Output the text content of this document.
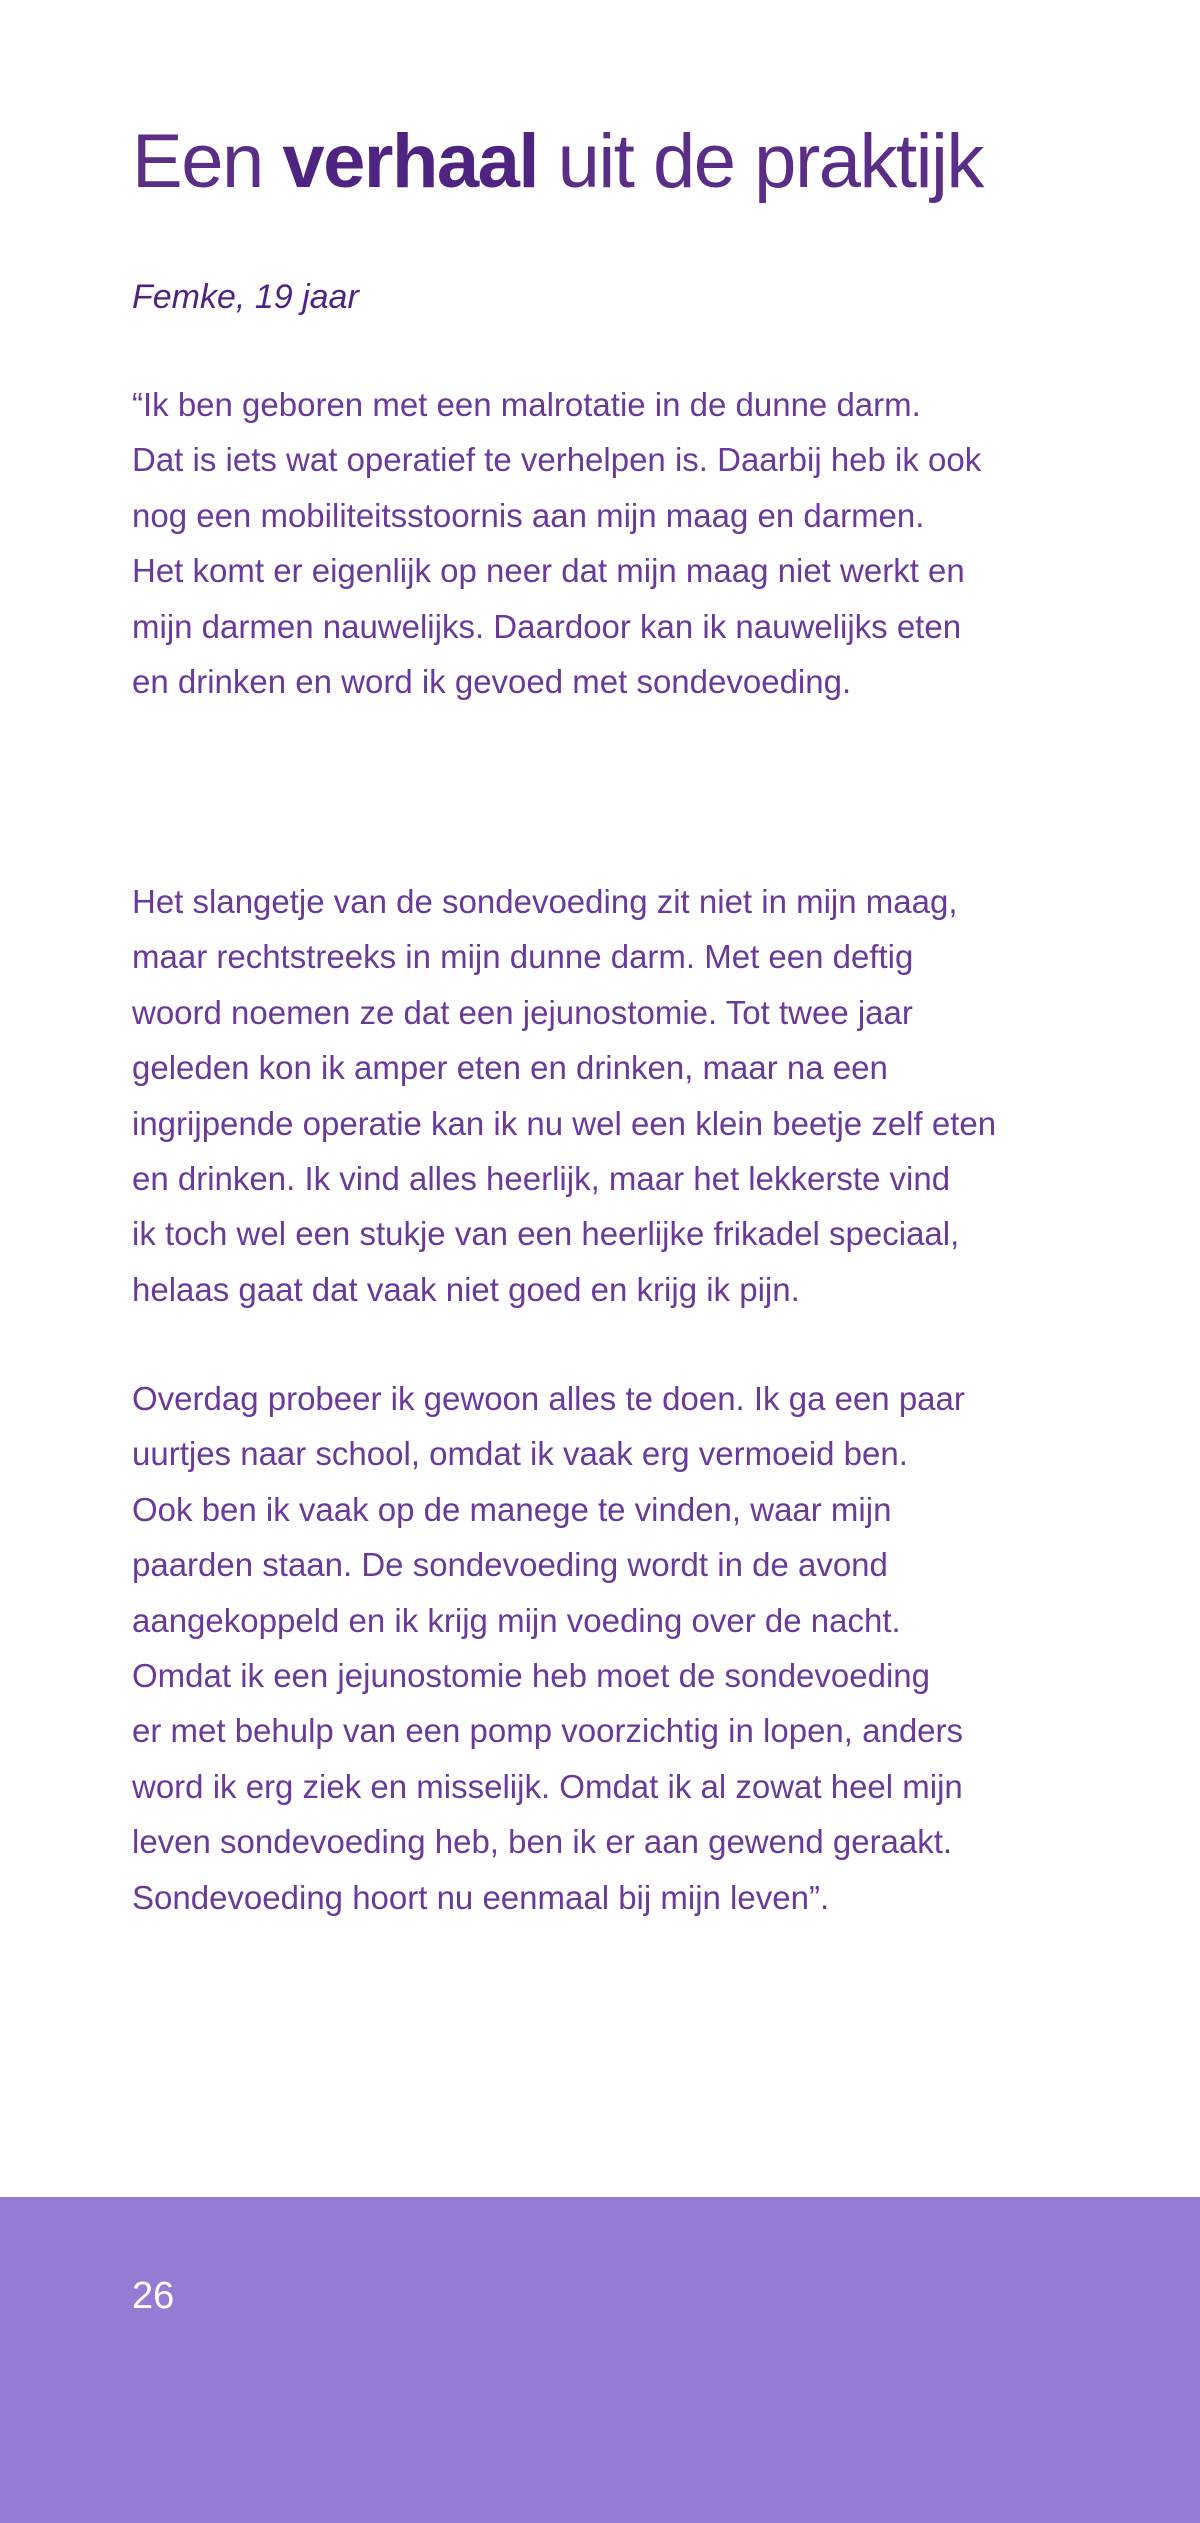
Een verhaal uit de praktijk

Femke, 19 jaar

“Ik ben geboren met een malrotatie in de dunne darm.
Dat is iets wat operatief te verhelpen is. Daarbij heb ik ook
nog een mobiliteitsstoornis aan mijn maag en darmen.
Het komt er eigenlijk op neer dat mijn maag niet werkt en
mijn darmen nauwelijks. Daardoor kan ik nauwelijks eten
en drinken en word ik gevoed met sondevoeding.

Het slangetje van de sondevoeding zit niet in mijn maag,
maar rechtstreeks in mijn dunne darm. Met een deftig
woord noemen ze dat een jejunostomie. Tot twee jaar
geleden kon ik amper eten en drinken, maar na een
ingrijpende operatie kan ik nu wel een klein beetje zelf eten
en drinken. Ik vind alles heerlijk, maar het lekkerste vind
ik toch wel een stukje van een heerlijke frikadel speciaal,
helaas gaat dat vaak niet goed en krijg ik pijn.

Overdag probeer ik gewoon alles te doen. Ik ga een paar
uurtjes naar school, omdat ik vaak erg vermoeid ben.
Ook ben ik vaak op de manege te vinden, waar mijn
paarden staan. De sondevoeding wordt in de avond
aangekoppeld en ik krijg mijn voeding over de nacht.
Omdat ik een jejunostomie heb moet de sondevoeding
er met behulp van een pomp voorzichtig in lopen, anders
word ik erg ziek en misselijk. Omdat ik al zowat heel mijn
leven sondevoeding heb, ben ik er aan gewend geraakt.
Sondevoeding hoort nu eenmaal bij mijn leven”.

26
